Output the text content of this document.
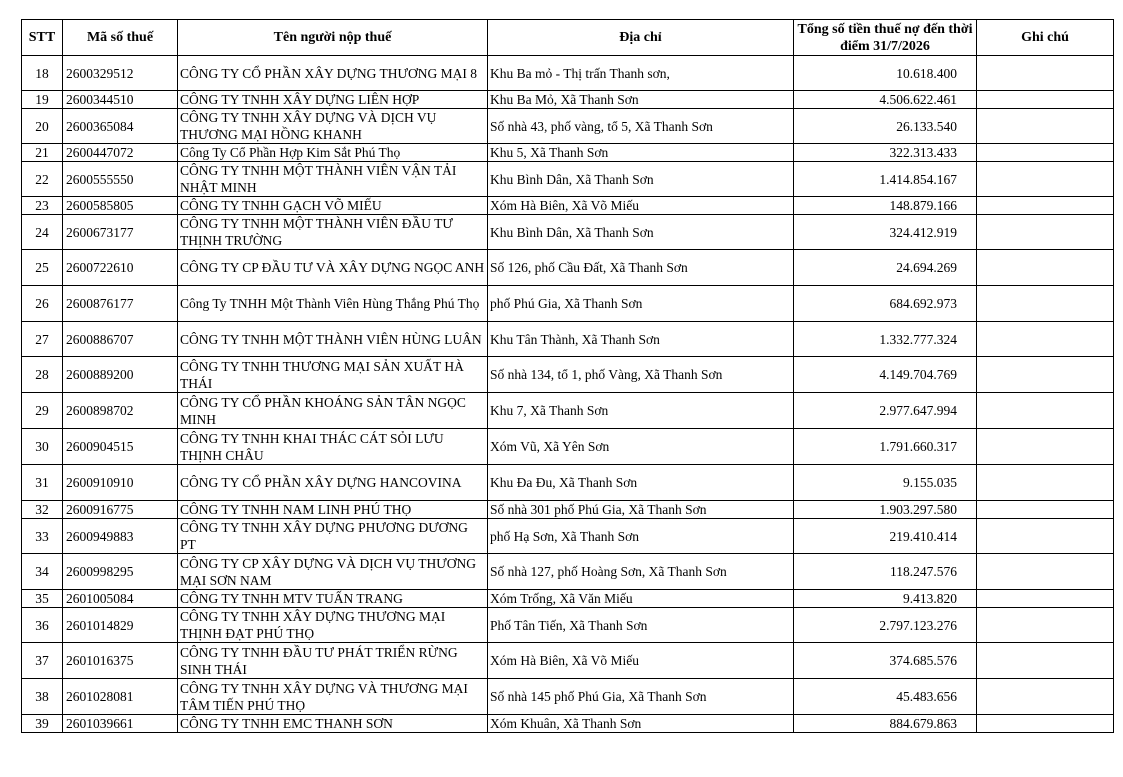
STT	Mã số thuế	Tên người nộp thuế	Địa chỉ	Tổng số tiền thuế nợ đến thời điểm 31/7/2026	Ghi chú
18	2600329512	CÔNG TY CỔ PHẦN XÂY DỰNG THƯƠNG MẠI 8	Khu Ba mỏ - Thị trấn Thanh sơn,	10.618.400	
19	2600344510	CÔNG TY TNHH XÂY DỰNG LIÊN HỢP	Khu Ba Mỏ, Xã Thanh Sơn	4.506.622.461	
20	2600365084	CÔNG TY TNHH XÂY DỰNG VÀ DỊCH VỤ THƯƠNG MẠI HỒNG KHANH	Số nhà 43, phố vàng, tổ 5, Xã Thanh Sơn	26.133.540	
21	2600447072	Công Ty Cổ Phần Hợp Kim Sắt Phú Thọ	Khu 5, Xã Thanh Sơn	322.313.433	
22	2600555550	CÔNG TY TNHH MỘT THÀNH VIÊN VẬN TẢI NHẬT MINH	Khu Bình Dân, Xã Thanh Sơn	1.414.854.167	
23	2600585805	CÔNG TY TNHH GẠCH VÕ MIẾU	Xóm Hà Biên, Xã Võ Miếu	148.879.166	
24	2600673177	CÔNG TY TNHH MỘT THÀNH VIÊN ĐẦU TƯ THỊNH TRƯỜNG	Khu Bình Dân, Xã Thanh Sơn	324.412.919	
25	2600722610	CÔNG TY CP ĐẦU TƯ VÀ XÂY DỰNG NGỌC ANH	Số 126, phố Cầu Đất, Xã Thanh Sơn	24.694.269	
26	2600876177	Công Ty TNHH Một Thành Viên Hùng Thắng Phú Thọ	phố Phú Gia, Xã Thanh Sơn	684.692.973	
27	2600886707	CÔNG TY TNHH MỘT THÀNH VIÊN HÙNG LUÂN	Khu Tân Thành, Xã Thanh Sơn	1.332.777.324	
28	2600889200	CÔNG TY TNHH THƯƠNG MẠI SẢN XUẤT HÀ THÁI	Số nhà 134, tổ 1, phố Vàng, Xã Thanh Sơn	4.149.704.769	
29	2600898702	CÔNG TY CỔ PHẦN KHOÁNG SẢN TÂN NGỌC MINH	Khu 7, Xã Thanh Sơn	2.977.647.994	
30	2600904515	CÔNG TY TNHH KHAI THÁC CÁT SỎI LƯU THỊNH CHÂU	Xóm Vũ, Xã Yên Sơn	1.791.660.317	
31	2600910910	CÔNG TY CỔ PHẦN XÂY DỰNG HANCOVINA	Khu Đa Đu, Xã Thanh Sơn	9.155.035	
32	2600916775	CÔNG TY TNHH NAM LINH PHÚ THỌ	Số nhà 301 phố Phú Gia, Xã Thanh Sơn	1.903.297.580	
33	2600949883	CÔNG TY TNHH XÂY DỰNG PHƯƠNG DƯƠNG PT	phố Hạ Sơn, Xã Thanh Sơn	219.410.414	
34	2600998295	CÔNG TY CP XÂY DỰNG VÀ DỊCH VỤ THƯƠNG MẠI SƠN NAM	Số nhà 127, phố Hoàng Sơn, Xã Thanh Sơn	118.247.576	
35	2601005084	CÔNG TY TNHH MTV TUẤN TRANG	Xóm Trống, Xã Văn Miếu	9.413.820	
36	2601014829	CÔNG TY TNHH XÂY DỰNG THƯƠNG MẠI THỊNH ĐẠT PHÚ THỌ	Phố Tân Tiến, Xã Thanh Sơn	2.797.123.276	
37	2601016375	CÔNG TY TNHH ĐẦU TƯ PHÁT TRIỂN RỪNG SINH THÁI	Xóm Hà Biên, Xã Võ Miếu	374.685.576	
38	2601028081	CÔNG TY TNHH XÂY DỰNG VÀ THƯƠNG MẠI TÂM TIẾN PHÚ THỌ	Số nhà 145 phố Phú Gia, Xã Thanh Sơn	45.483.656	
39	2601039661	CÔNG TY TNHH EMC THANH SƠN	Xóm Khuân, Xã Thanh Sơn	884.679.863	
